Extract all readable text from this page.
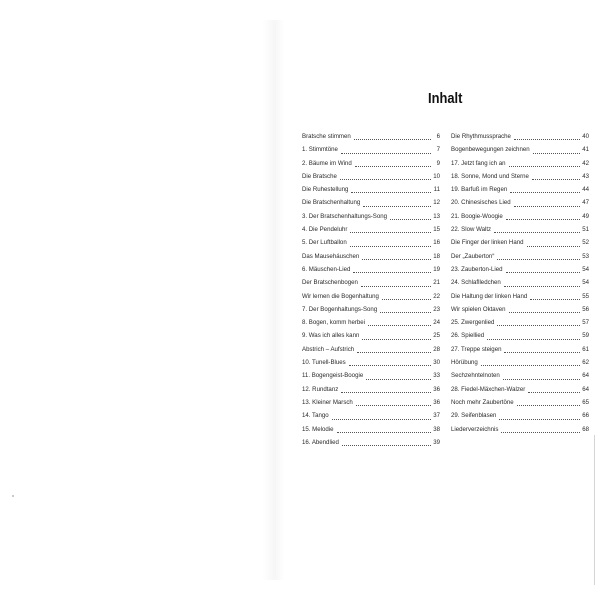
Inhalt
Bratsche stimmen	6
1. Stimmtöne	7
2. Bäume im Wind	9
Die Bratsche	10
Die Ruhestellung	11
Die Bratschenhaltung	12
3. Der Bratschenhaltungs-Song	13
4. Die Pendeluhr	15
5. Der Luftballon	16
Das Mauseháuschen	18
6. Mäuschen-Lied	19
Der Bratschenbogen	21
Wir lernen die Bogenhaltung	22
7. Der Bogenhaltungs-Song	23
8. Bogen, komm herbei	24
9. Was ich alles kann	25
Abstrich – Aufstrich	28
10. Tunell-Blues	30
11. Bogengeist-Boogie	33
12. Rundtanz	36
13. Kleiner Marsch	36
14. Tango	37
15. Melodie	38
16. Abendlied	39
Die Rhythmussprache	40
Bogenbewegungen zeichnen	41
17. Jetzt fang ich an	42
18. Sonne, Mond und Sterne	43
19. Barfuß im Regen	44
20. Chinesisches Lied	47
21. Boogie-Woogie	49
22. Slow Waltz	51
Die Finger der linken Hand	52
Der „Zauberton“	53
23. Zauberton-Lied	54
24. Schlaflledchen	54
Die Haltung der linken Hand	55
Wir spielen Oktaven	56
25. Zwergenlied	57
26. Spiellied	59
27. Treppe steigen	61
Hörübung	62
Sechzehntelnoten	64
28. Fiedel-Mäxchen-Walzer	64
Noch mehr Zaubertöne	65
29. Seifenblasen	66
Liederverzeichnis	68
